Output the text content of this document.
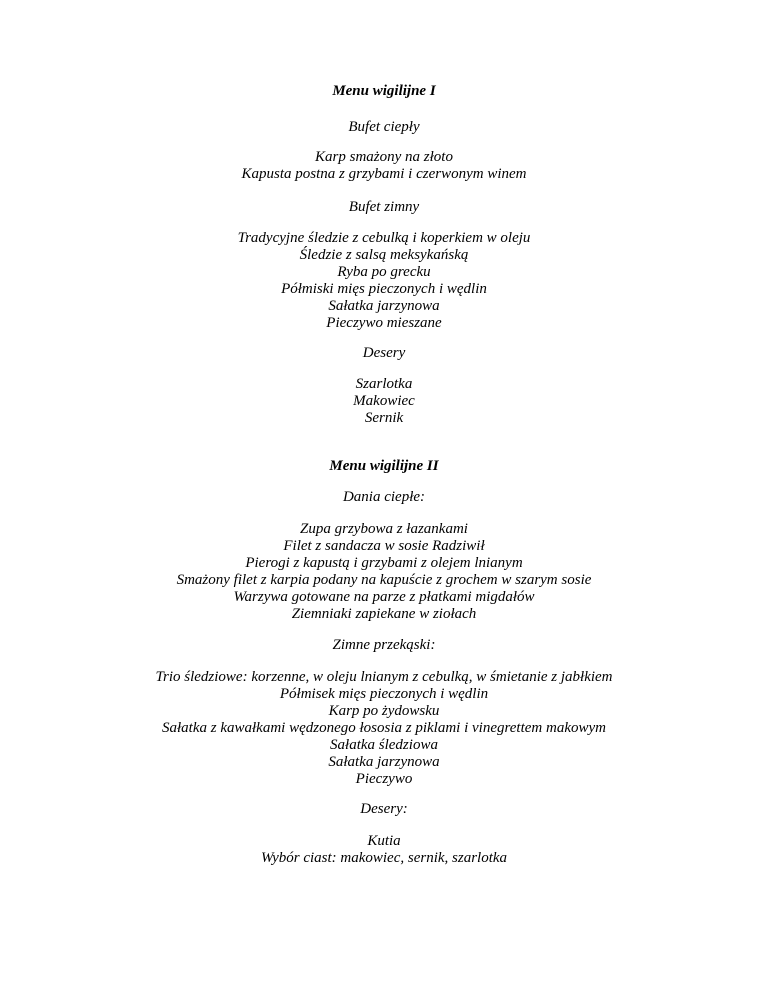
Menu wigilijne I
Bufet ciepły
Karp smażony na złoto
Kapusta postna z grzybami i czerwonym winem
Bufet zimny
Tradycyjne śledzie z cebulką i koperkiem w oleju
Śledzie z salsą meksykańską
Ryba po grecku
Półmiski mięs pieczonych i wędlin
Sałatka jarzynowa
Pieczywo mieszane
Desery
Szarlotka
Makowiec
Sernik
Menu wigilijne II
Dania ciepłe:
Zupa grzybowa z łazankami
Filet z sandacza w sosie Radziwił
Pierogi z kapustą i grzybami z olejem lnianym
Smażony filet z karpia podany na kapuście z grochem w szarym sosie
Warzywa gotowane na parze z płatkami migdałów
Ziemniaki zapiekane w ziołach
Zimne przekąski:
Trio śledziowe: korzenne, w oleju lnianym z cebulką, w śmietanie z jabłkiem
Półmisek mięs pieczonych i wędlin
Karp po żydowsku
Sałatka z kawałkami wędzonego łososia z piklami i vinegrettem makowym
Sałatka śledziowa
Sałatka jarzynowa
Pieczywo
Desery:
Kutia
Wybór ciast: makowiec, sernik, szarlotka
